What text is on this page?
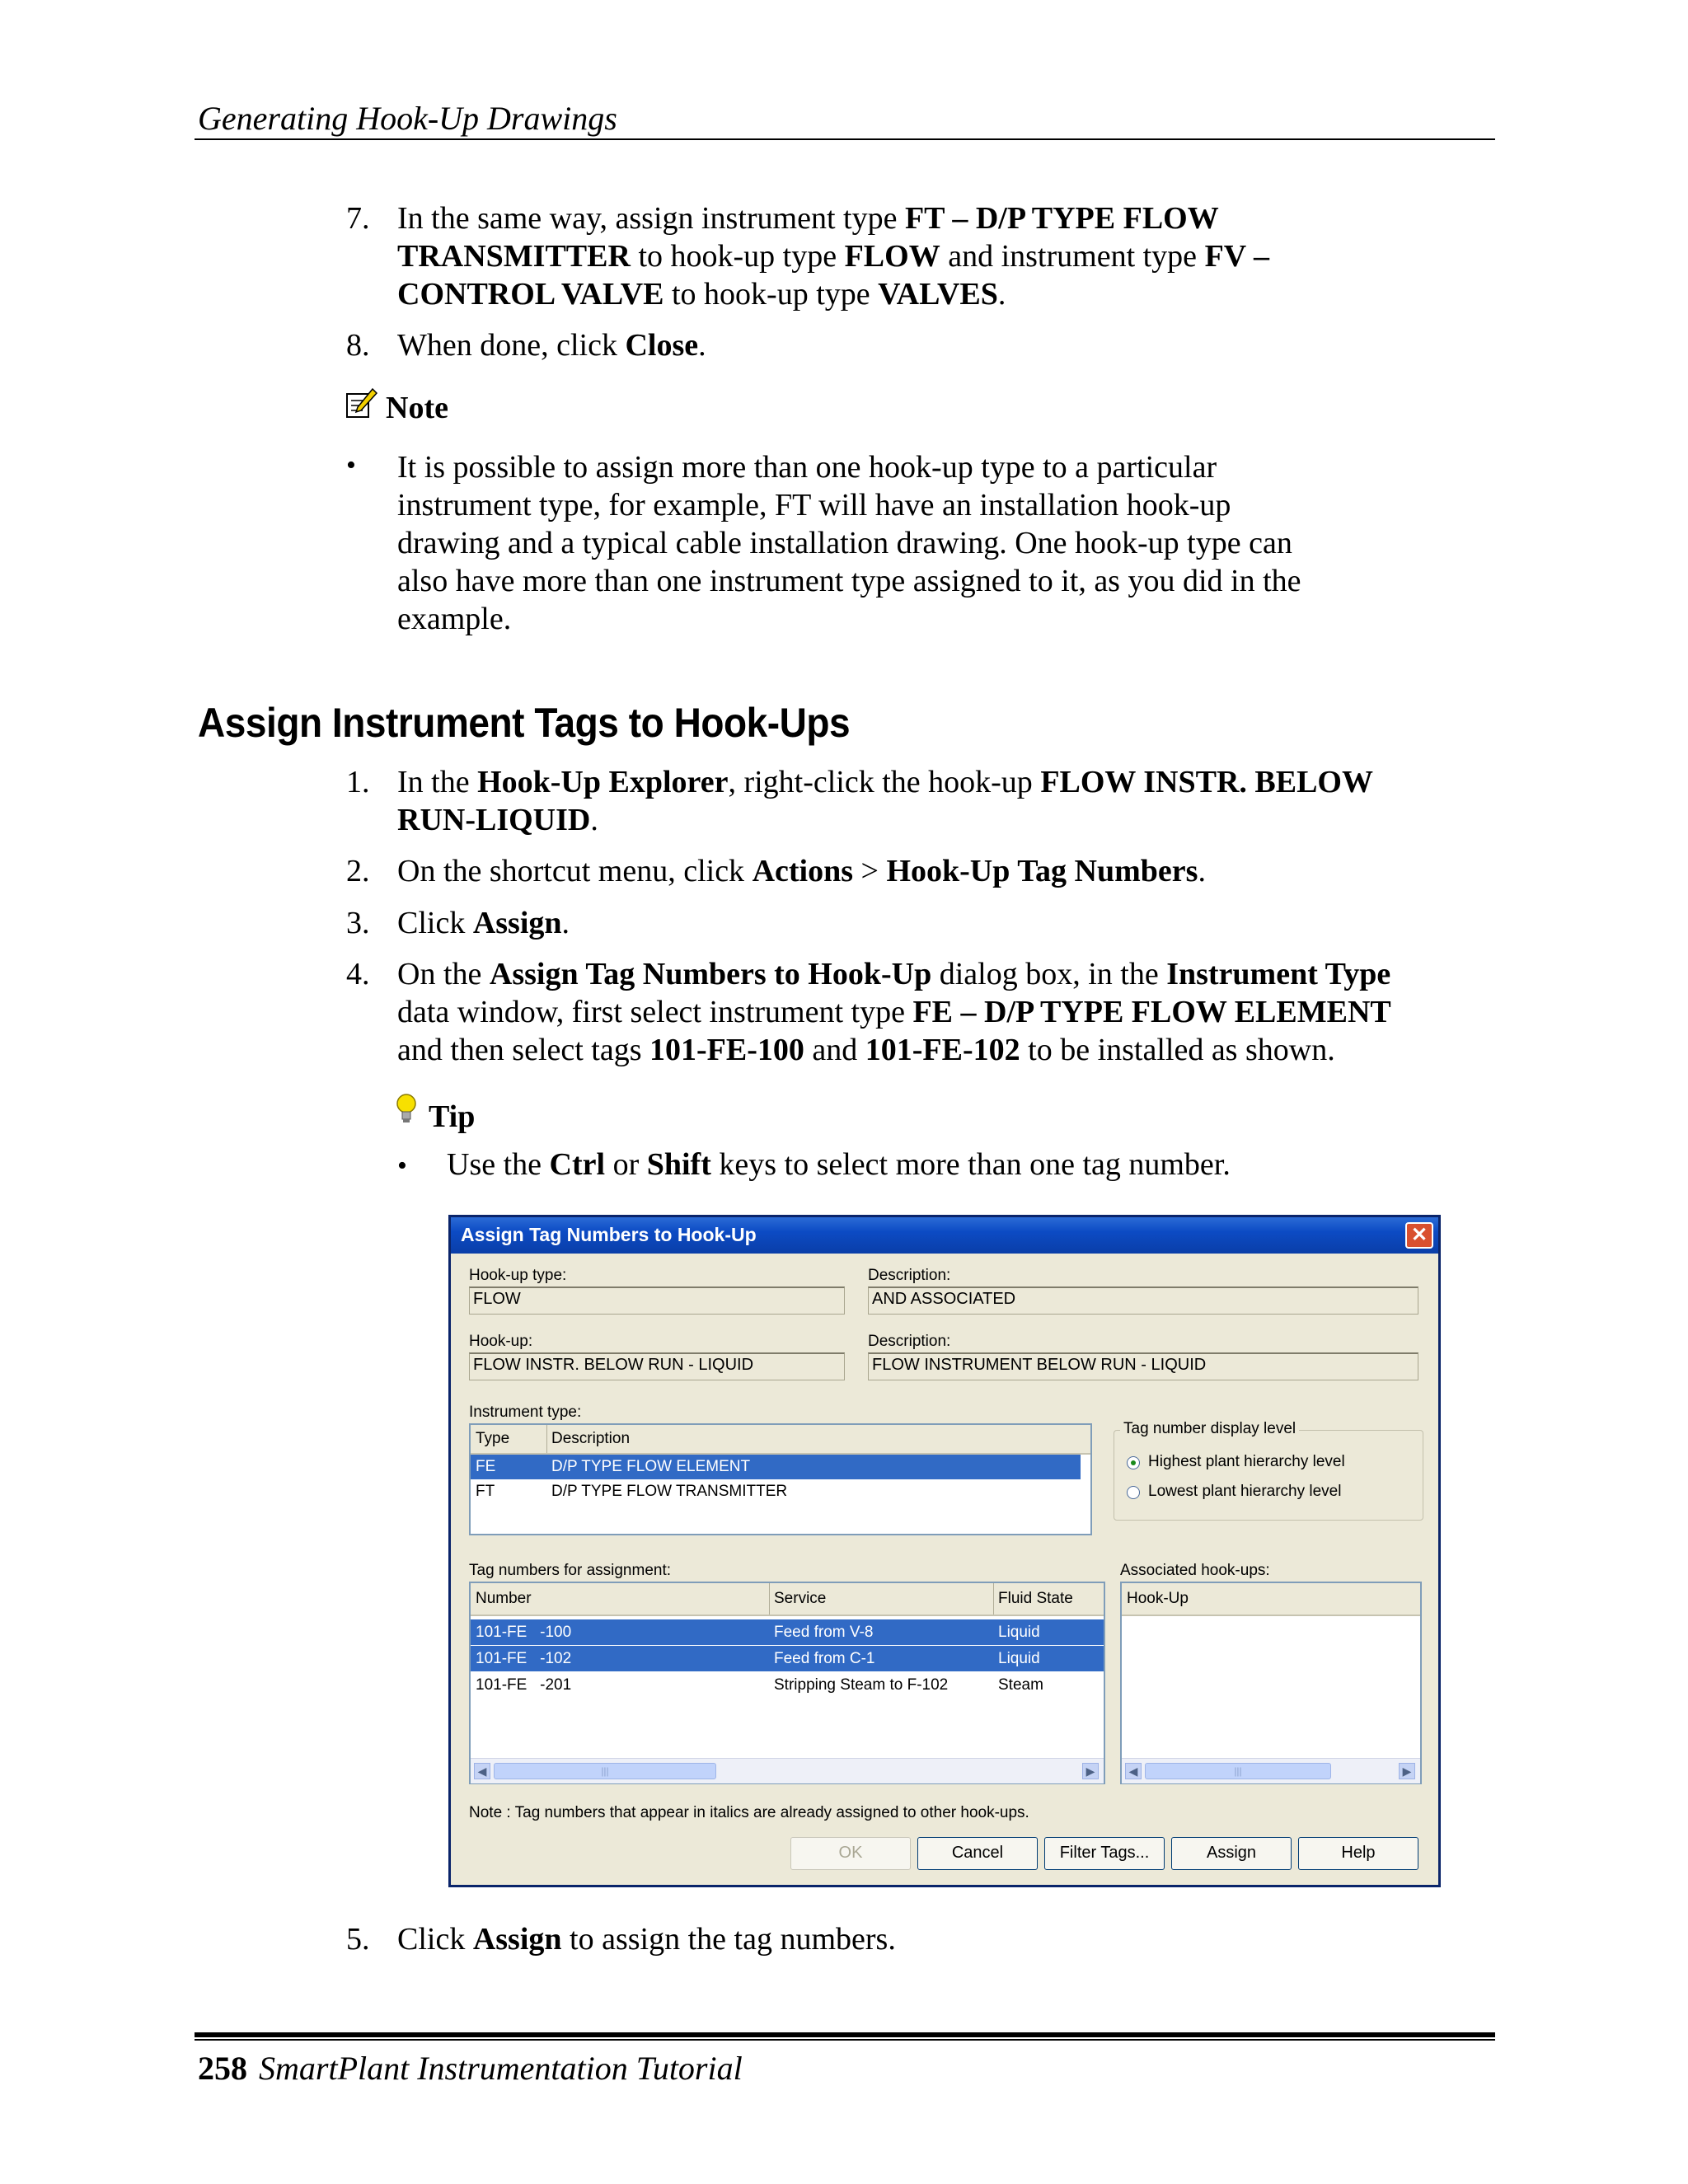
Generating Hook-Up Drawings
7. In the same way, assign instrument type FT – D/P TYPE FLOW
TRANSMITTER to hook-up type FLOW and instrument type FV –
CONTROL VALVE to hook-up type VALVES.
8. When done, click Close.
Note
• It is possible to assign more than one hook-up type to a particular
instrument type, for example, FT will have an installation hook-up
drawing and a typical cable installation drawing. One hook-up type can
also have more than one instrument type assigned to it, as you did in the
example.
Assign Instrument Tags to Hook-Ups
1. In the Hook-Up Explorer, right-click the hook-up FLOW INSTR. BELOW
RUN-LIQUID.
2. On the shortcut menu, click Actions > Hook-Up Tag Numbers.
3. Click Assign.
4. On the Assign Tag Numbers to Hook-Up dialog box, in the Instrument Type
data window, first select instrument type FE – D/P TYPE FLOW ELEMENT
and then select tags 101-FE-100 and 101-FE-102 to be installed as shown.
Tip
• Use the Ctrl or Shift keys to select more than one tag number.
Assign Tag Numbers to Hook-Up	✕
Hook-up type:
FLOW
Description:
AND ASSOCIATED
Hook-up:
FLOW INSTR. BELOW RUN - LIQUID
Description:
FLOW INSTRUMENT BELOW RUN - LIQUID
Instrument type:
Type	Description
FE	D/P TYPE FLOW ELEMENT
FT	D/P TYPE FLOW TRANSMITTER
Tag number display level
Highest plant hierarchy level
Lowest plant hierarchy level
Tag numbers for assignment:
Number	Service	Fluid State
101-FE   -100	Feed from V-8	Liquid
101-FE   -102	Feed from C-1	Liquid
101-FE   -201	Stripping Steam to F-102	Steam
◀	|||	▶
Associated hook-ups:
Hook-Up
◀	|||	▶
Note : Tag numbers that appear in italics are already assigned to other hook-ups.
OK	Cancel	Filter Tags...	Assign	Help
5. Click Assign to assign the tag numbers.
258 SmartPlant Instrumentation Tutorial
